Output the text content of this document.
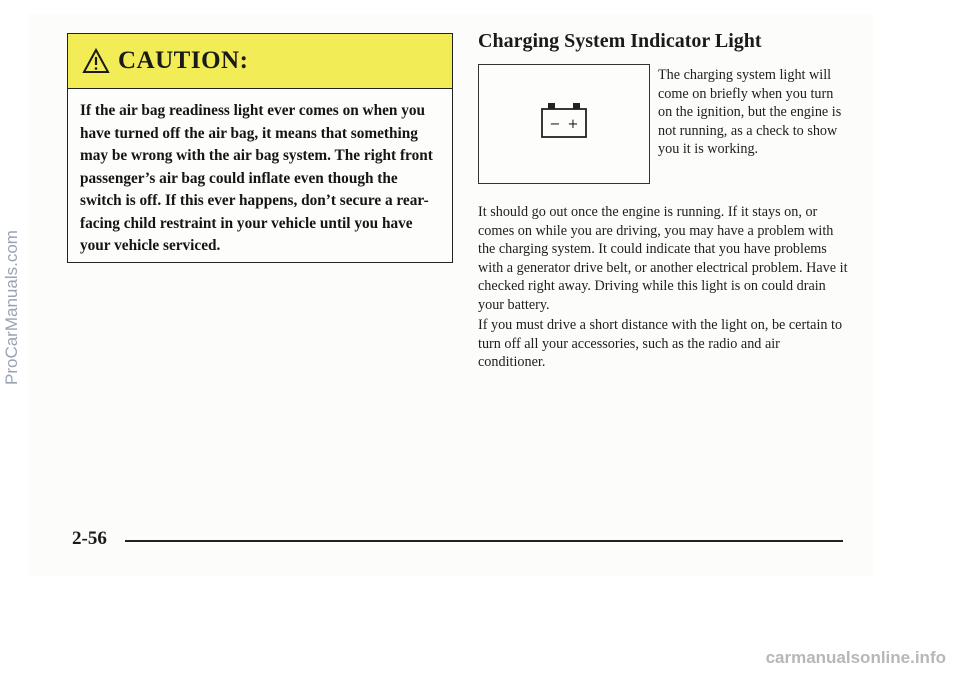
CAUTION:
If the air bag readiness light ever comes on when you have turned off the air bag, it means that something may be wrong with the air bag system. The right front passenger’s air bag could inflate even though the switch is off. If this ever happens, don’t secure a rear-facing child restraint in your vehicle until you have your vehicle serviced.
Charging System Indicator Light
− +
The charging system light will come on briefly when you turn on the ignition, but the engine is not running, as a check to show you it is working.

It should go out once the engine is running. If it stays on, or comes on while you are driving, you may have a problem with the charging system. It could indicate that you have problems with a generator drive belt, or another electrical problem. Have it checked right away. Driving while this light is on could drain your battery.

If you must drive a short distance with the light on, be certain to turn off all your accessories, such as the radio and air conditioner.

2-56
ProCarManuals.com
carmanualsonline.info
